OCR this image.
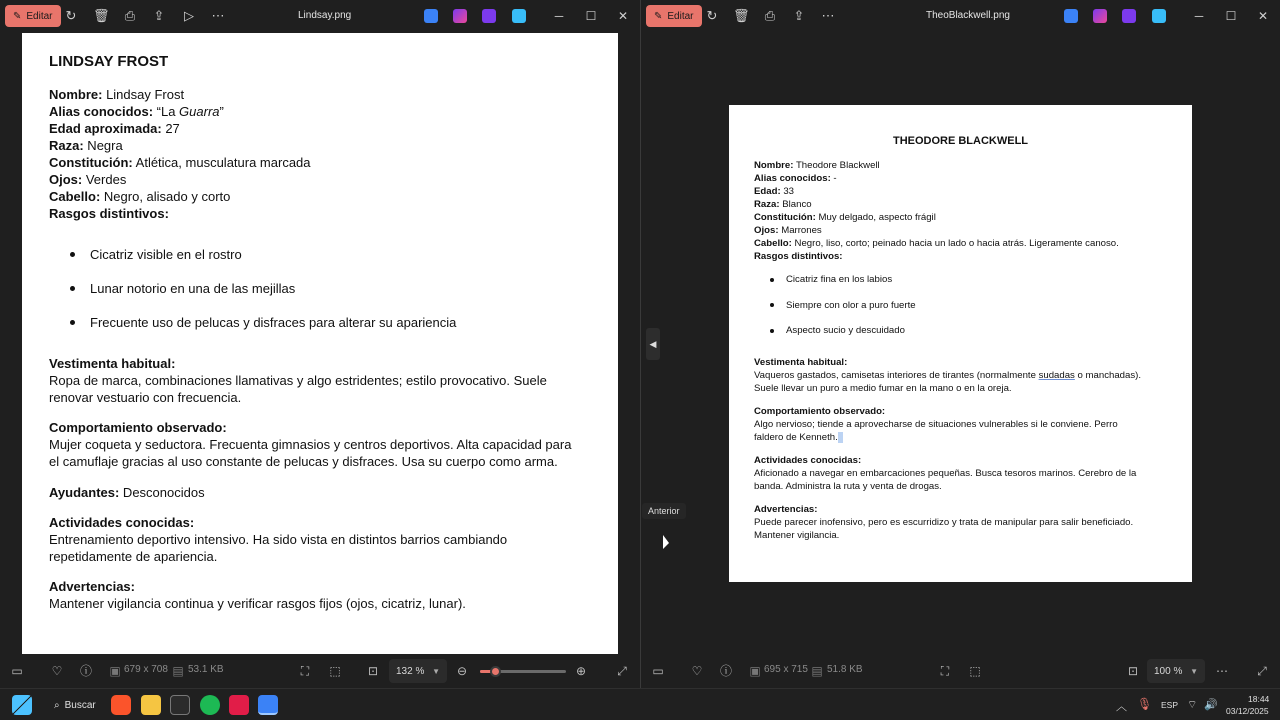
✎ Editar ↻ 🗑 ⎙ ⇪ ▷ ⋯	Lindsay.png	─	☐ ✕
LINDSAY FROST
Nombre: Lindsay Frost
Alias conocidos: “La Guarra”
Edad aproximada: 27
Raza: Negra
Constitución: Atlética, musculatura marcada
Ojos: Verdes
Cabello: Negro, alisado y corto
Rasgos distintivos:
Cicatriz visible en el rostro
Lunar notorio en una de las mejillas
Frecuente uso de pelucas y disfraces para alterar su apariencia
Vestimenta habitual:
Ropa de marca, combinaciones llamativas y algo estridentes; estilo provocativo. Suele
renovar vestuario con frecuencia.
Comportamiento observado:
Mujer coqueta y seductora. Frecuenta gimnasios y centros deportivos. Alta capacidad para
el camuflaje gracias al uso constante de pelucas y disfraces. Usa su cuerpo como arma.
Ayudantes: Desconocidos
Actividades conocidas:
Entrenamiento deportivo intensivo. Ha sido vista en distintos barrios cambiando
repetidamente de apariencia.
Advertencias:
Mantener vigilancia continua y verificar rasgos fijos (ojos, cicatriz, lunar).
▭ ♡ ⓘ ▣ 679 x 708 ▤ 53.1 KB	⛶	⬚ ⊡ 132 % ▼ ⊖	⊕	⤢
✎ Editar ↻ 🗑 ⎙ ⇪ ⋯	TheoBlackwell.png	─	☐ ✕
THEODORE BLACKWELL
Nombre: Theodore Blackwell
Alias conocidos: -
Edad: 33
Raza: Blanco
Constitución: Muy delgado, aspecto frágil
Ojos: Marrones
Cabello: Negro, liso, corto; peinado hacia un lado o hacia atrás. Ligeramente canoso.
Rasgos distintivos:
Cicatriz fina en los labios
Siempre con olor a puro fuerte
Aspecto sucio y descuidado
Vestimenta habitual:
Vaqueros gastados, camisetas interiores de tirantes (normalmente sudadas o manchadas).
Suele llevar un puro a medio fumar en la mano o en la oreja.
Comportamiento observado:
Algo nervioso; tiende a aprovecharse de situaciones vulnerables si le conviene. Perro
faldero de Kenneth.
Actividades conocidas:
Aficionado a navegar en embarcaciones pequeñas. Busca tesoros marinos. Cerebro de la
banda. Administra la ruta y venta de drogas.
Advertencias:
Puede parecer inofensivo, pero es escurridizo y trata de manipular para salir beneficiado.
Mantener vigilancia.
▭ ♡ ⓘ ▣ 695 x 715 ▤ 51.8 KB	⛶	⬚	⊡ 100 % ▼ ⋯ ⤢
◀
Anterior
⌕ Buscar	︿ 🎙 ESP ⌔ 🔊	18:44
03/12/2025
